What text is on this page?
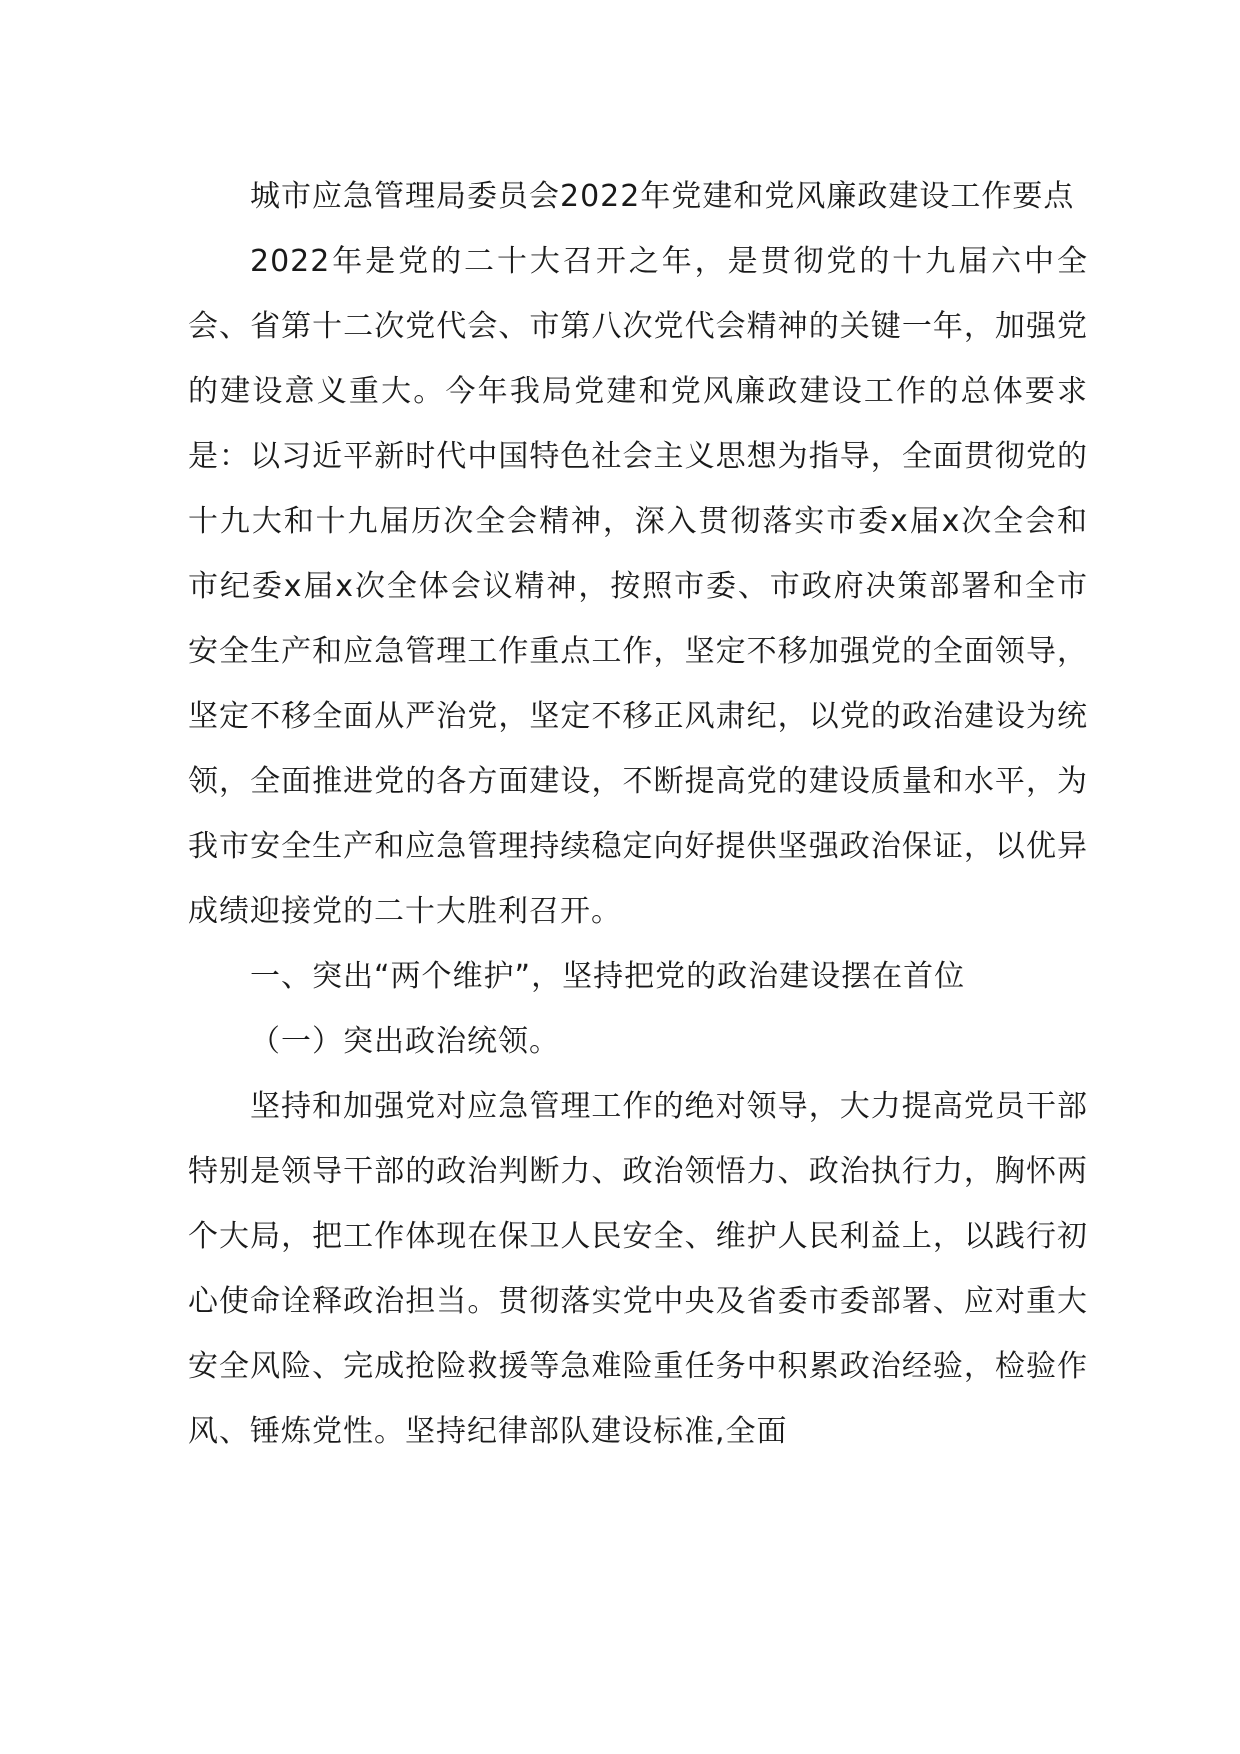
城市应急管理局委员会2022年党建和党风廉政建设工作要点

2022年是党的二十大召开之年，是贯彻党的十九届六中全会、省第十二次党代会、市第八次党代会精神的关键一年，加强党的建设意义重大。今年我局党建和党风廉政建设工作的总体要求是：以习近平新时代中国特色社会主义思想为指导，全面贯彻党的十九大和十九届历次全会精神，深入贯彻落实市委x届x次全会和市纪委x届x次全体会议精神，按照市委、市政府决策部署和全市安全生产和应急管理工作重点工作，坚定不移加强党的全面领导，坚定不移全面从严治党，坚定不移正风肃纪，以党的政治建设为统领，全面推进党的各方面建设，不断提高党的建设质量和水平，为我市安全生产和应急管理持续稳定向好提供坚强政治保证，以优异成绩迎接党的二十大胜利召开。

一、突出“两个维护”，坚持把党的政治建设摆在首位

（一）突出政治统领。

坚持和加强党对应急管理工作的绝对领导，大力提高党员干部特别是领导干部的政治判断力、政治领悟力、政治执行力，胸怀两个大局，把工作体现在保卫人民安全、维护人民利益上，以践行初心使命诠释政治担当。贯彻落实党中央及省委市委部署、应对重大安全风险、完成抢险救援等急难险重任务中积累政治经验，检验作风、锤炼党性。坚持纪律部队建设标准,全面
